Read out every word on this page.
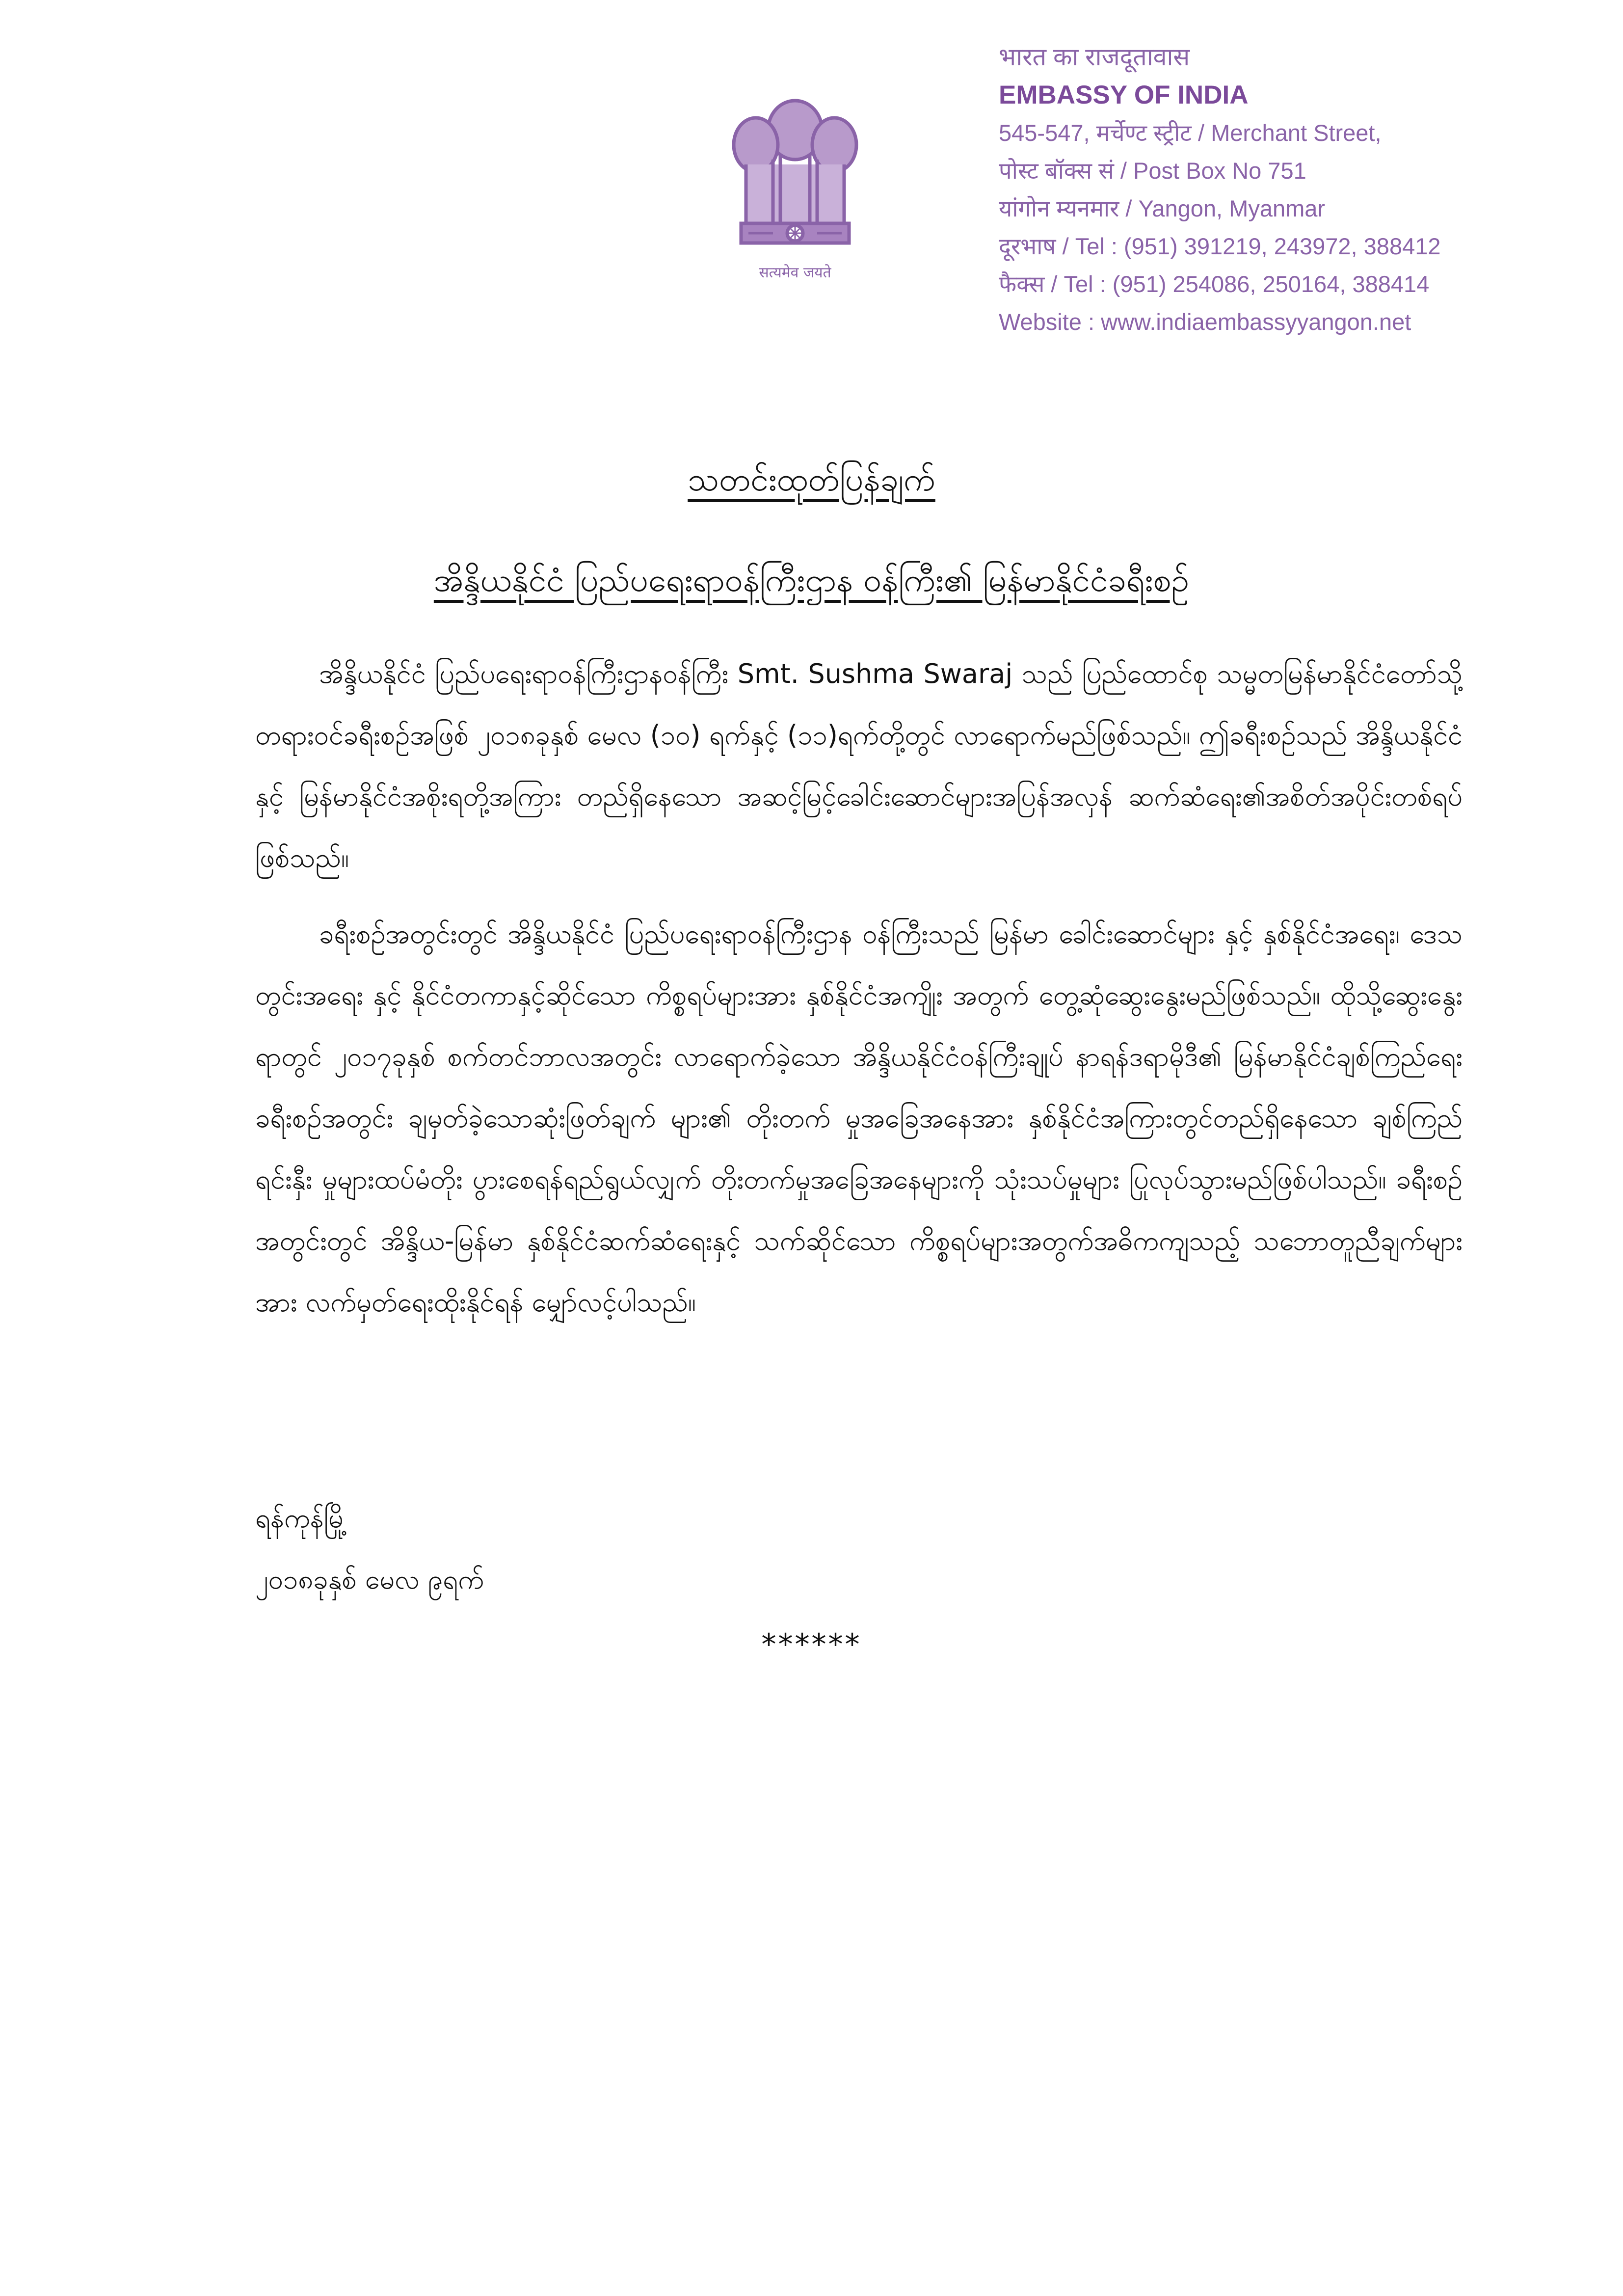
सत्यमेव जयते
भारत का राजदूतावास
EMBASSY OF INDIA
545-547, मर्चेण्ट स्ट्रीट / Merchant Street,
पोस्ट बॉक्स सं / Post Box No 751
यांगोन म्यनमार / Yangon, Myanmar
दूरभाष / Tel : (951) 391219, 243972, 388412
फैक्स / Tel : (951) 254086, 250164, 388414
Website : www.indiaembassyyangon.net
သတင်းထုတ်ပြန်ချက်
အိန္ဒိယနိုင်ငံ ပြည်ပရေးရာဝန်ကြီးဌာန ဝန်ကြီး၏ မြန်မာနိုင်ငံခရီးစဉ်

အိန္ဒိယနိုင်ငံ ပြည်ပရေးရာဝန်ကြီးဌာနဝန်ကြီး Smt. Sushma Swaraj သည် ပြည်ထောင်စု သမ္မတမြန်မာနိုင်ငံတော်သို့ တရားဝင်ခရီးစဉ်အဖြစ် ၂၀၁၈ခုနှစ် မေလ (၁၀) ရက်နှင့် (၁၁)ရက်တို့တွင် လာရောက်မည်ဖြစ်သည်။ ဤခရီးစဉ်သည် အိန္ဒိယနိုင်ငံနှင့် မြန်မာနိုင်ငံအစိုးရတို့အကြား တည်ရှိနေသော အဆင့်မြင့်ခေါင်းဆောင်များအပြန်အလှန် ဆက်ဆံရေး၏အစိတ်အပိုင်းတစ်ရပ်ဖြစ်သည်။

ခရီးစဉ်အတွင်းတွင် အိန္ဒိယနိုင်ငံ ပြည်ပရေးရာဝန်ကြီးဌာန ဝန်ကြီးသည် မြန်မာ ခေါင်းဆောင်များ နှင့် နှစ်နိုင်ငံအရေး၊ ဒေသတွင်းအရေး နှင့် နိုင်ငံတကာနှင့်ဆိုင်သော ကိစ္စရပ်များအား နှစ်နိုင်ငံအကျိုး အတွက် တွေ့ဆုံဆွေးနွေးမည်ဖြစ်သည်။ ထိုသို့ဆွေးနွေး ရာတွင် ၂၀၁၇ခုနှစ် စက်တင်ဘာလအတွင်း လာရောက်ခဲ့သော အိန္ဒိယနိုင်ငံဝန်ကြီးချုပ် နာရန်ဒရာမိုဒီ၏ မြန်မာနိုင်ငံချစ်ကြည်ရေးခရီးစဉ်အတွင်း ချမှတ်ခဲ့သောဆုံးဖြတ်ချက် များ၏ တိုးတက် မှုအခြေအနေအား နှစ်နိုင်ငံအကြားတွင်တည်ရှိနေသော ချစ်ကြည်ရင်းနှီး မှုများထပ်မံတိုး ပွားစေရန်ရည်ရွယ်လျှက် တိုးတက်မှုအခြေအနေများကို သုံးသပ်မှုများ ပြုလုပ်သွားမည်ဖြစ်ပါသည်။ ခရီးစဉ်အတွင်းတွင် အိန္ဒိယ-မြန်မာ နှစ်နိုင်ငံဆက်ဆံရေးနှင့် သက်ဆိုင်သော ကိစ္စရပ်များအတွက်အဓိကကျသည့် သဘောတူညီချက်များအား လက်မှတ်ရေးထိုးနိုင်ရန် မျှော်လင့်ပါသည်။

ရန်ကုန်မြို့
၂၀၁၈ခုနှစ် မေလ ၉ရက်
******
